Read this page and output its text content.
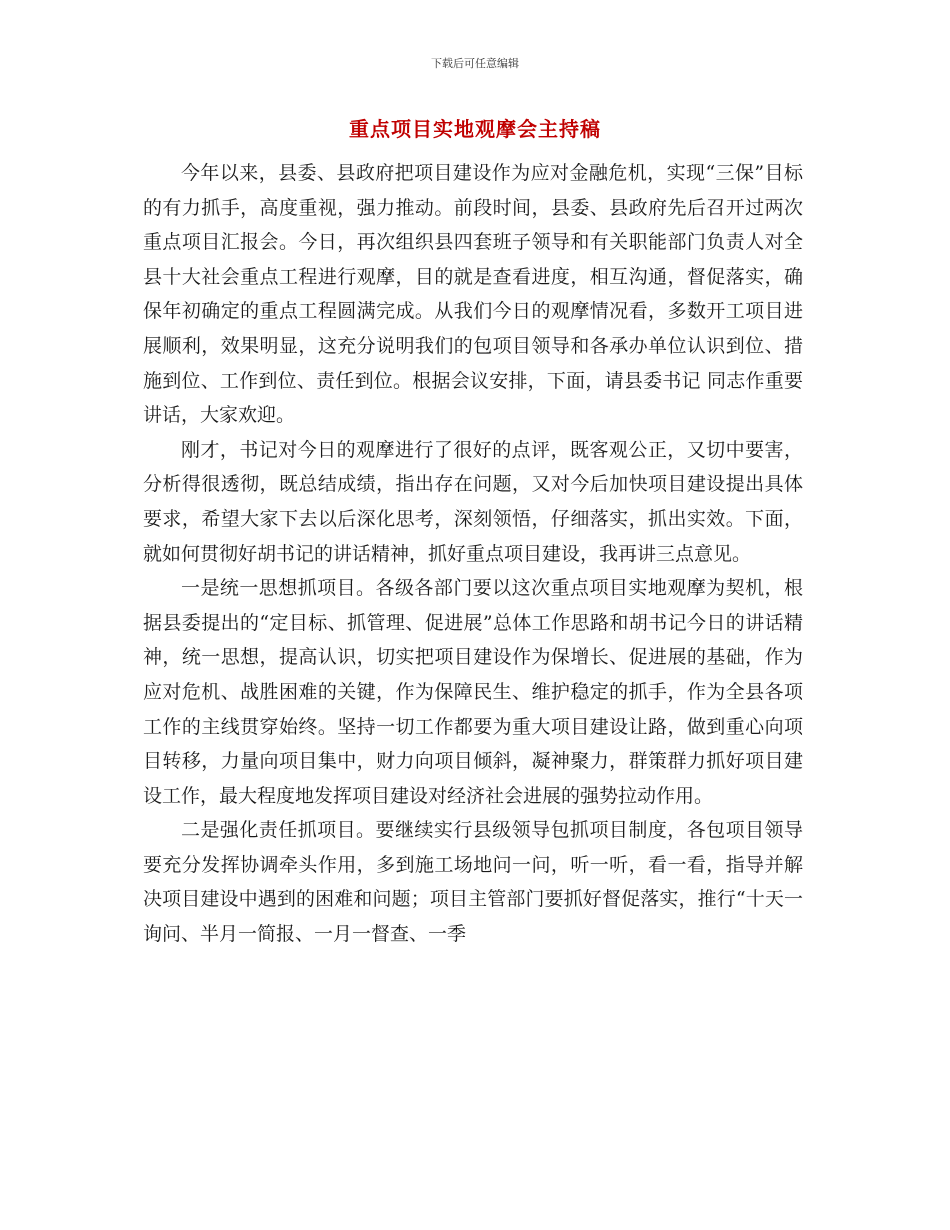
下载后可任意编辑
重点项目实地观摩会主持稿

今年以来，县委、县政府把项目建设作为应对金融危机，实现“三保”目标的有力抓手，高度重视，强力推动。前段时间，县委、县政府先后召开过两次重点项目汇报会。今日，再次组织县四套班子领导和有关职能部门负责人对全县十大社会重点工程进行观摩，目的就是查看进度，相互沟通，督促落实，确保年初确定的重点工程圆满完成。从我们今日的观摩情况看，多数开工项目进展顺利，效果明显，这充分说明我们的包项目领导和各承办单位认识到位、措施到位、工作到位、责任到位。根据会议安排，下面，请县委书记 同志作重要讲话，大家欢迎。

刚才，书记对今日的观摩进行了很好的点评，既客观公正，又切中要害，分析得很透彻，既总结成绩，指出存在问题，又对今后加快项目建设提出具体要求，希望大家下去以后深化思考，深刻领悟，仔细落实，抓出实效。下面，就如何贯彻好胡书记的讲话精神，抓好重点项目建设，我再讲三点意见。

一是统一思想抓项目。各级各部门要以这次重点项目实地观摩为契机，根据县委提出的“定目标、抓管理、促进展”总体工作思路和胡书记今日的讲话精神，统一思想，提高认识，切实把项目建设作为保增长、促进展的基础，作为应对危机、战胜困难的关键，作为保障民生、维护稳定的抓手，作为全县各项工作的主线贯穿始终。坚持一切工作都要为重大项目建设让路，做到重心向项目转移，力量向项目集中，财力向项目倾斜，凝神聚力，群策群力抓好项目建设工作，最大程度地发挥项目建设对经济社会进展的强势拉动作用。

二是强化责任抓项目。要继续实行县级领导包抓项目制度，各包项目领导要充分发挥协调牵头作用，多到施工场地问一问，听一听，看一看，指导并解决项目建设中遇到的困难和问题；项目主管部门要抓好督促落实，推行“十天一询问、半月一简报、一月一督查、一季
